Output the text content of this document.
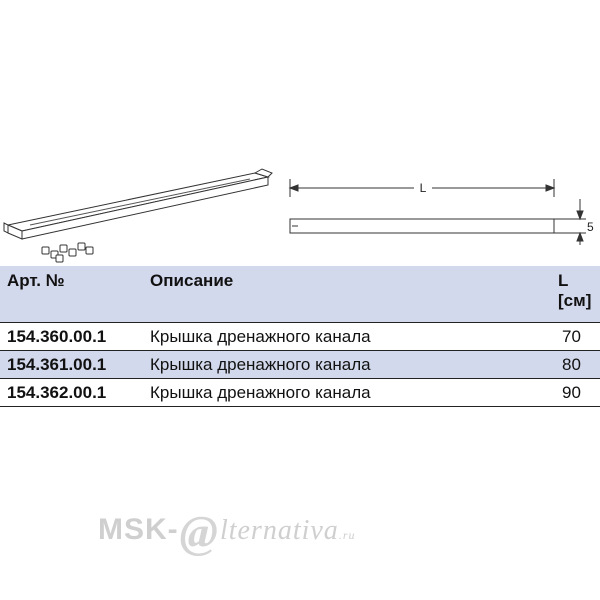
L
5
Арт. №	Описание	L
[см]
154.360.00.1	Крышка дренажного канала	70
154.361.00.1	Крышка дренажного канала	80
154.362.00.1	Крышка дренажного канала	90
MSK-@lternativa.ru
